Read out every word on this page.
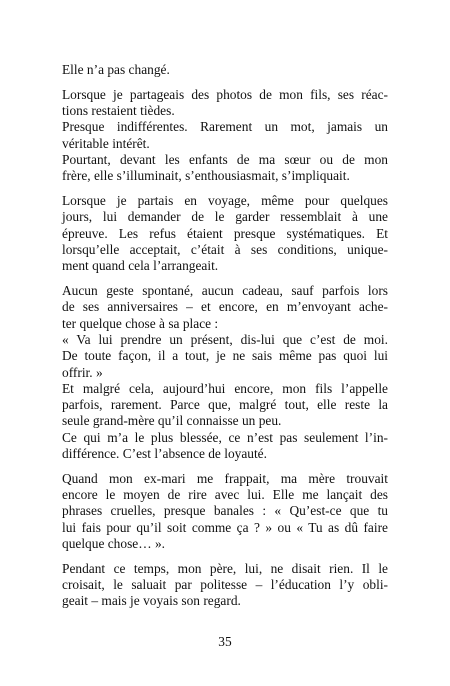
Elle n’a pas changé.

Lorsque je partageais des photos de mon fils, ses réac-
tions restaient tièdes.
Presque indifférentes. Rarement un mot, jamais un
véritable intérêt.
Pourtant, devant les enfants de ma sœur ou de mon
frère, elle s’illuminait, s’enthousiasmait, s’impliquait.

Lorsque je partais en voyage, même pour quelques
jours, lui demander de le garder ressemblait à une
épreuve. Les refus étaient presque systématiques. Et
lorsqu’elle acceptait, c’était à ses conditions, unique-
ment quand cela l’arrangeait.

Aucun geste spontané, aucun cadeau, sauf parfois lors
de ses anniversaires – et encore, en m’envoyant ache-
ter quelque chose à sa place :
« Va lui prendre un présent, dis-lui que c’est de moi.
De toute façon, il a tout, je ne sais même pas quoi lui
offrir. »
Et malgré cela, aujourd’hui encore, mon fils l’appelle
parfois, rarement. Parce que, malgré tout, elle reste la
seule grand-mère qu’il connaisse un peu.
Ce qui m’a le plus blessée, ce n’est pas seulement l’in-
différence. C’est l’absence de loyauté.

Quand mon ex-mari me frappait, ma mère trouvait
encore le moyen de rire avec lui. Elle me lançait des
phrases cruelles, presque banales : « Qu’est-ce que tu
lui fais pour qu’il soit comme ça ? » ou « Tu as dû faire
quelque chose… ».

Pendant ce temps, mon père, lui, ne disait rien. Il le
croisait, le saluait par politesse – l’éducation l’y obli-
geait – mais je voyais son regard.

35
